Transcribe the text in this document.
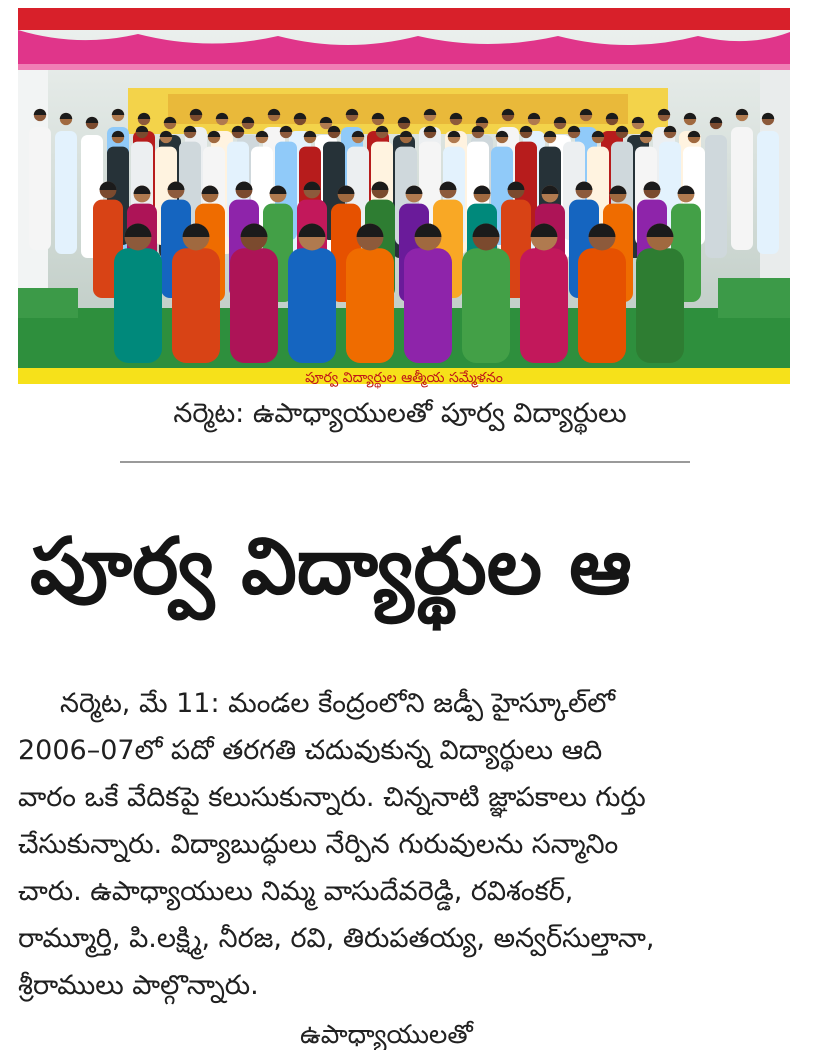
పూర్వ విద్యార్థుల ఆత్మీయ సమ్మేళనం
నర్మెట: ఉపాధ్యాయులతో పూర్వ విద్యార్థులు
పూర్వ విద్యార్థుల ఆ

నర్మెట, మే 11: మండల కేంద్రంలోని జడ్పీ హైస్కూల్‌లో

2006–07లో పదో తరగతి చదువుకున్న విద్యార్థులు ఆది

వారం ఒకే వేదికపై కలుసుకున్నారు. చిన్ననాటి జ్ఞాపకాలు గుర్తు

చేసుకున్నారు. విద్యాబుద్ధులు నేర్పిన గురువులను సన్మానిం

చారు. ఉపాధ్యాయులు నిమ్మ వాసుదేవరెడ్డి, రవిశంకర్,

రామ్మూర్తి, పి.లక్ష్మి, నీరజ, రవి, తిరుపతయ్య, అన్వర్‌సుల్తానా,

శ్రీరాములు పాల్గొన్నారు.

ఉపాధ్యాయులతో
